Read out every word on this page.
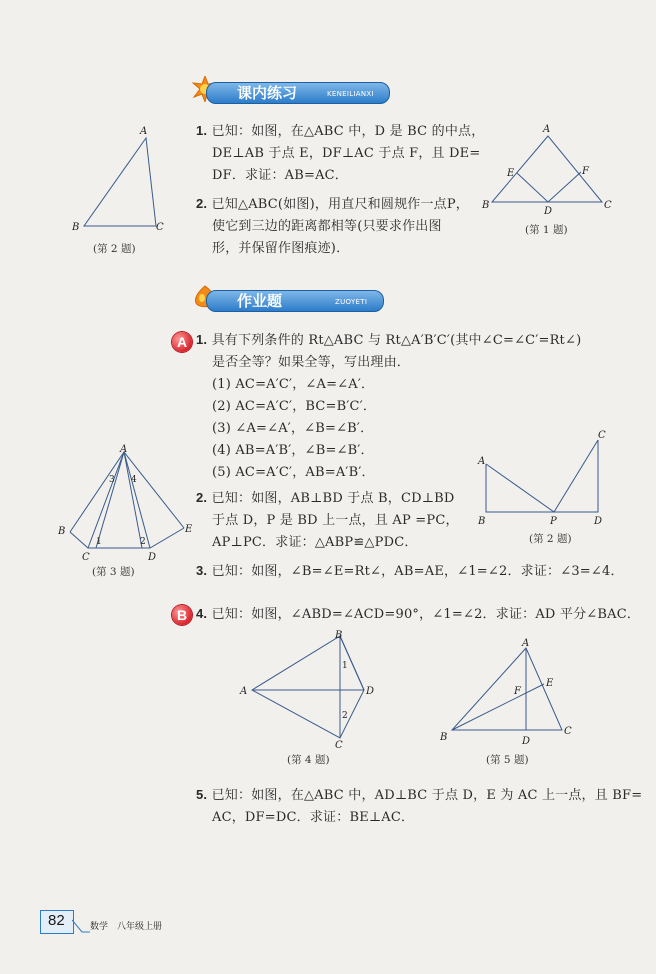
课内练习	KENEILIANXI
A
B	C
(第 2 题)
1. 已知：如图，在△ABC 中，D 是 BC 的中点，
DE⊥AB 于点 E，DF⊥AC 于点 F，且 DE=
DF．求证：AB=AC．
2. 已知△ABC(如图)，用直尺和圆规作一点P，
使它到三边的距离都相等(只要求作出图
形，并保留作图痕迹)．
A
E	F
B
D
C
(第 1 题)
作业题	ZUOYETI
A 1. 具有下列条件的 Rt△ABC 与 Rt△A′B′C′(其中∠C=∠C′=Rt∠)
是否全等？如果全等，写出理由．
(1) AC=A′C′，∠A=∠A′．
(2) AC=A′C′，BC=B′C′．
(3) ∠A=∠A′，∠B=∠B′．
(4) AB=A′B′，∠B=∠B′．
(5) AC=A′C′，AB=A′B′．
A
3 4
B	E
1	2
C	D
(第 3 题)
C
A
B	P	D
(第 2 题)
2. 已知：如图，AB⊥BD 于点 B，CD⊥BD
于点 D，P 是 BD 上一点，且 AP =PC，
AP⊥PC．求证：△ABP≌△PDC．
3. 已知：如图，∠B=∠E=Rt∠，AB=AE，∠1=∠2．求证：∠3=∠4．
B 4. 已知：如图，∠ABD=∠ACD=90°，∠1=∠2．求证：AD 平分∠BAC．
B
1
A	D
2
C
(第 4 题)
A
E
F
B	D
C
(第 5 题)
5. 已知：如图，在△ABC 中，AD⊥BC 于点 D，E 为 AC 上一点，且 BF=
AC，DF=DC．求证：BE⊥AC．
82	数学　八年级上册
